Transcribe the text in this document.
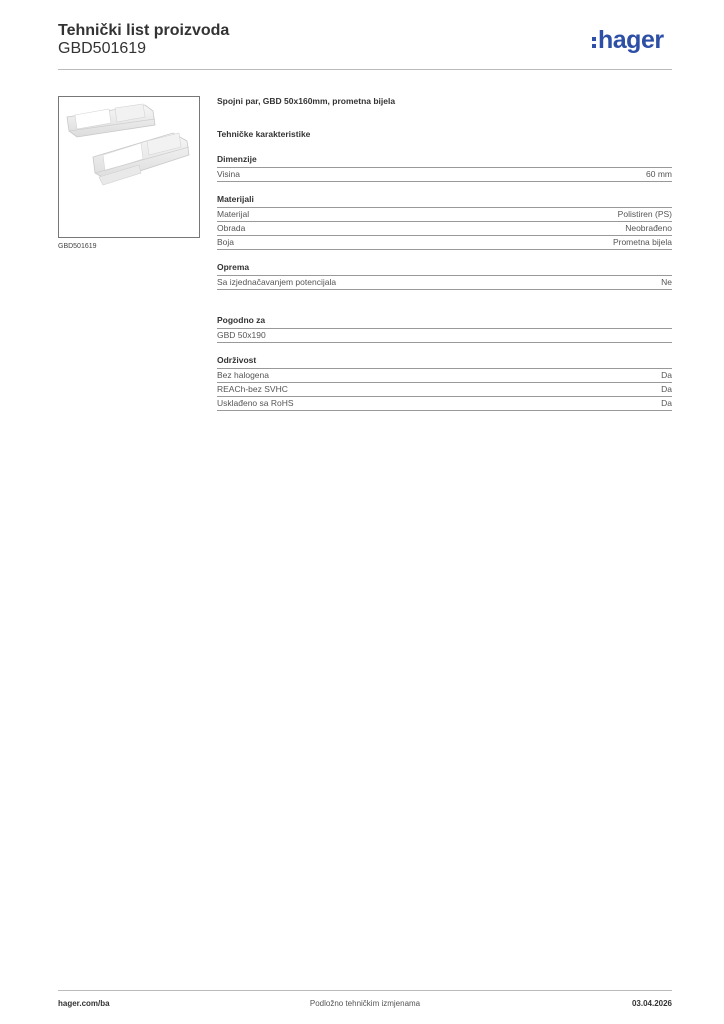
Tehnički list proizvoda
GBD501619	hager
GBD501619
Spojni par, GBD 50x160mm, prometna bijela
Tehničke karakteristike
Dimenzije
Visina	60 mm
Materijali
Materijal	Polistiren (PS)
Obrada	Neobrađeno
Boja	Prometna bijela
Oprema
Sa izjednačavanjem potencijala	Ne
Pogodno za
GBD 50x190
Održivost
Bez halogena	Da
REACh-bez SVHC	Da
Usklađeno sa RoHS	Da
hager.com/ba	Podložno tehničkim izmjenama	03.04.2026
